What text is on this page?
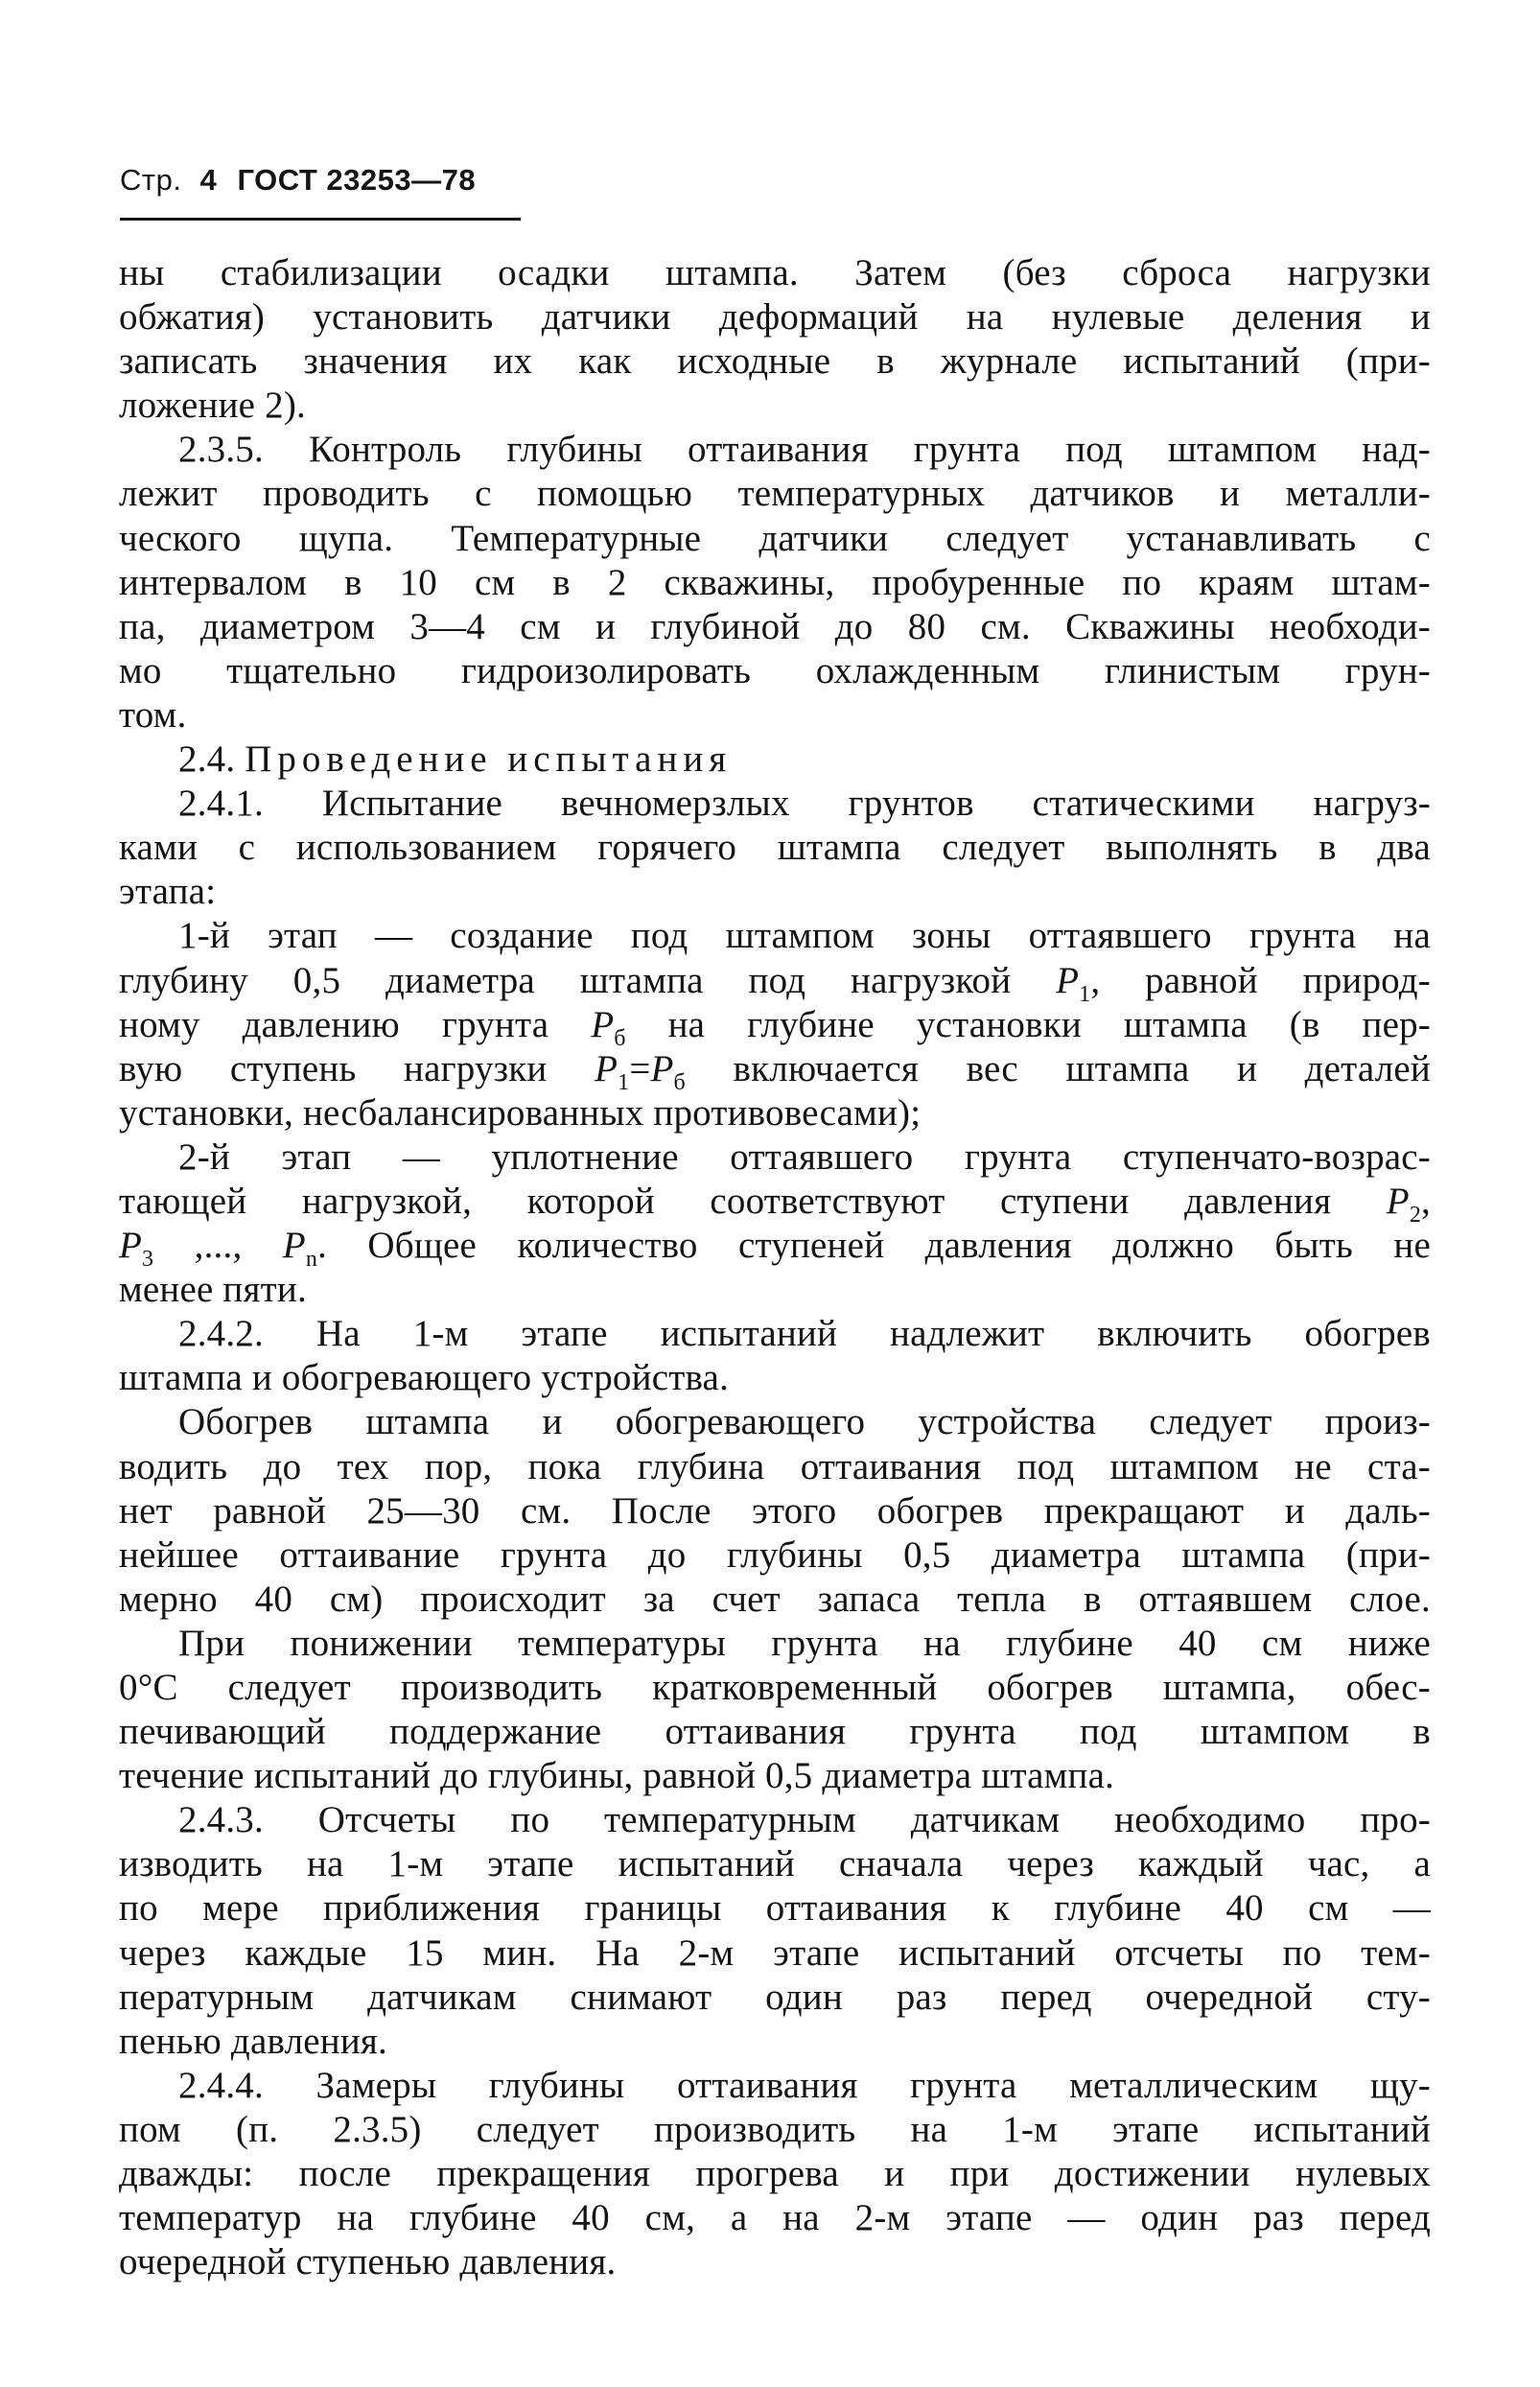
Стр. 4 ГОСТ 23253—78
ны стабилизации осадки штампа. Затем (без сброса нагрузки
обжатия) установить датчики деформаций на нулевые деления и
записать значения их как исходные в журнале испытаний (при-
ложение 2).
2.3.5. Контроль глубины оттаивания грунта под штампом над-
лежит проводить с помощью температурных датчиков и металли-
ческого щупа. Температурные датчики следует устанавливать с
интервалом в 10 см в 2 скважины, пробуренные по краям штам-
па, диаметром 3—4 см и глубиной до 80 см. Скважины необходи-
мо тщательно гидроизолировать охлажденным глинистым грун-
том.
2.4. Проведение испытания
2.4.1. Испытание вечномерзлых грунтов статическими нагруз-
ками с использованием горячего штампа следует выполнять в два
этапа:
1-й этап — создание под штампом зоны оттаявшего грунта на
глубину 0,5 диаметра штампа под нагрузкой $P_1$, равной природ-
ному давлению грунта $P_б$ на глубине установки штампа (в пер-
вую ступень нагрузки $P_1=P_б$ включается вес штампа и деталей
установки, несбалансированных противовесами);
2-й этап — уплотнение оттаявшего грунта ступенчато-возрас-
тающей нагрузкой, которой соответствуют ступени давления $P_2$,
$P_3$ ,..., $P_n$. Общее количество ступеней давления должно быть не
менее пяти.
2.4.2. На 1-м этапе испытаний надлежит включить обогрев
штампа и обогревающего устройства.
Обогрев штампа и обогревающего устройства следует произ-
водить до тех пор, пока глубина оттаивания под штампом не ста-
нет равной 25—30 см. После этого обогрев прекращают и даль-
нейшее оттаивание грунта до глубины 0,5 диаметра штампа (при-
мерно 40 см) происходит за счет запаса тепла в оттаявшем слое.
При понижении температуры грунта на глубине 40 см ниже
0°С следует производить кратковременный обогрев штампа, обес-
печивающий поддержание оттаивания грунта под штампом в
течение испытаний до глубины, равной 0,5 диаметра штампа.
2.4.3. Отсчеты по температурным датчикам необходимо про-
изводить на 1-м этапе испытаний сначала через каждый час, а
по мере приближения границы оттаивания к глубине 40 см —
через каждые 15 мин. На 2-м этапе испытаний отсчеты по тем-
пературным датчикам снимают один раз перед очередной сту-
пенью давления.
2.4.4. Замеры глубины оттаивания грунта металлическим щу-
пом (п. 2.3.5) следует производить на 1-м этапе испытаний
дважды: после прекращения прогрева и при достижении нулевых
температур на глубине 40 см, а на 2-м этапе — один раз перед
очередной ступенью давления.
